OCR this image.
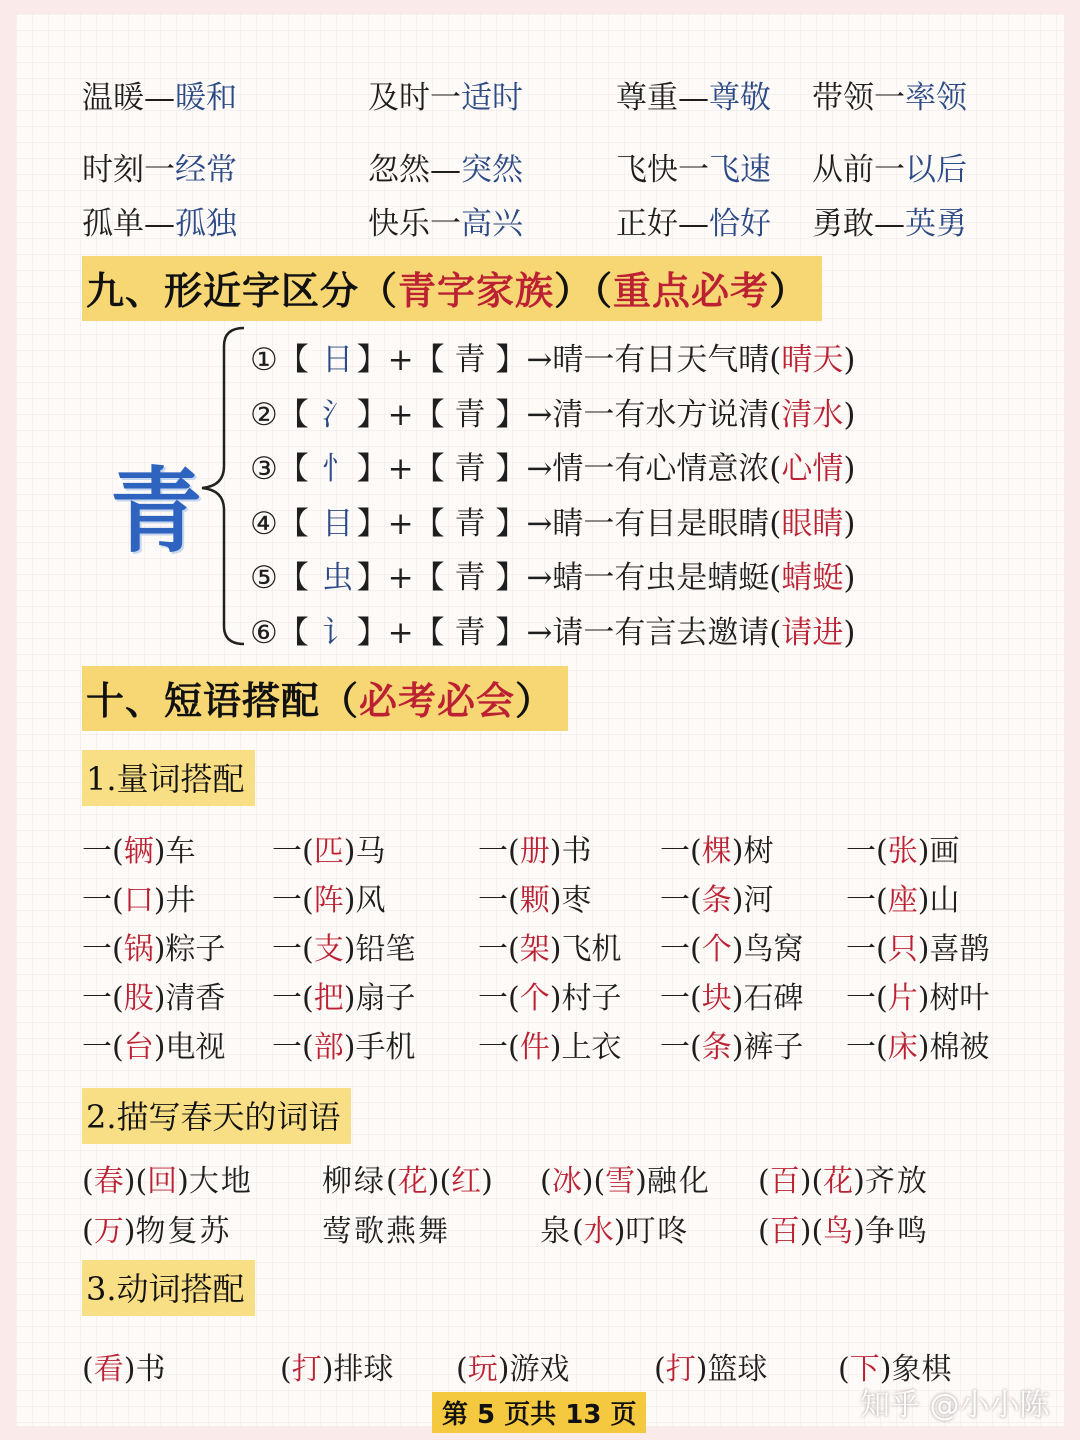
温暖—暖和	及时一适时	尊重—尊敬 带领一率领
时刻一经常	忽然—突然	飞快一飞速 从前一以后
孤单—孤独	快乐一高兴	正好—恰好 勇敢—英勇
九、形近字区分（青字家族）（重点必考）
青
①【 日 】+【 青 】→晴一有日天气晴(晴天)
②【 氵 】+【 青 】→清一有水方说清(清水)
③【 忄 】+【 青 】→情一有心情意浓(心情)
④【 目 】+【 青 】→睛一有目是眼睛(眼睛)
⑤【 虫 】+【 青 】→蜻一有虫是蜻蜓(蜻蜓)
⑥【 讠 】+【 青 】→请一有言去邀请(请进)
十、短语搭配（必考必会）
1.量词搭配
一(辆)车	一(匹)马	一(册)书 一(棵)树 一(张)画
一(口)井	一(阵)风	一(颗)枣 一(条)河 一(座)山
一(锅)粽子 一(支)铅笔 一(架)飞机 一(个)鸟窝 一(只)喜鹊
一(股)清香 一(把)扇子 一(个)村子 一(块)石碑 一(片)树叶
一(台)电视 一(部)手机 一(件)上衣 一(条)裤子 一(床)棉被
2.描写春天的词语
(春)(回)大地 柳绿(花)(红) (冰)(雪)融化 (百)(花)齐放
(万)物复苏	莺歌燕舞	泉(水)叮咚 (百)(鸟)争鸣
3.动词搭配
(看)书	(打)排球 (玩)游戏	(打)篮球 (下)象棋
第 5 页共 13 页	知乎 @小小陈
